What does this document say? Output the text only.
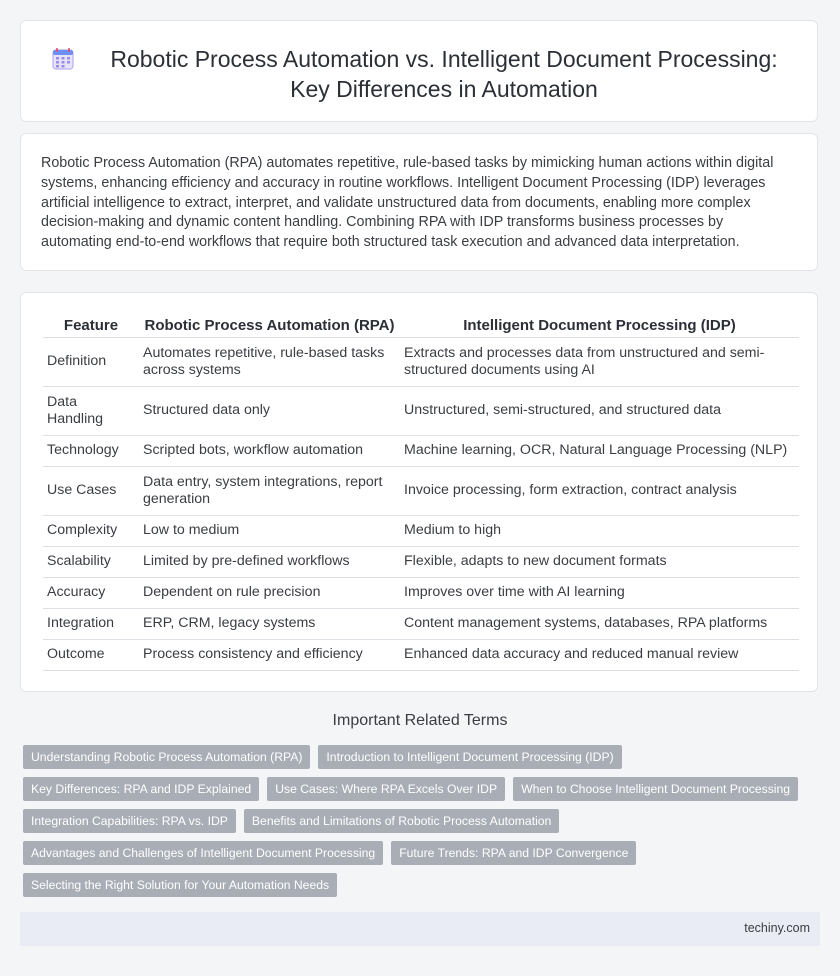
Robotic Process Automation vs. Intelligent Document Processing:
Key Differences in Automation

Robotic Process Automation (RPA) automates repetitive, rule-based tasks by mimicking human actions within digital systems, enhancing efficiency and accuracy in routine workflows. Intelligent Document Processing (IDP) leverages artificial intelligence to extract, interpret, and validate unstructured data from documents, enabling more complex decision-making and dynamic content handling. Combining RPA with IDP transforms business processes by automating end-to-end workflows that require both structured task execution and advanced data interpretation.

Feature	Robotic Process Automation (RPA)	Intelligent Document Processing (IDP)
Definition	Automates repetitive, rule-based tasks across systems	Extracts and processes data from unstructured and semi-structured documents using AI
Data Handling	Structured data only	Unstructured, semi-structured, and structured data
Technology	Scripted bots, workflow automation	Machine learning, OCR, Natural Language Processing (NLP)
Use Cases	Data entry, system integrations, report generation	Invoice processing, form extraction, contract analysis
Complexity	Low to medium	Medium to high
Scalability	Limited by pre-defined workflows	Flexible, adapts to new document formats
Accuracy	Dependent on rule precision	Improves over time with AI learning
Integration	ERP, CRM, legacy systems	Content management systems, databases, RPA platforms
Outcome	Process consistency and efficiency	Enhanced data accuracy and reduced manual review
Important Related Terms
Understanding Robotic Process Automation (RPA)	Introduction to Intelligent Document Processing (IDP)
Key Differences: RPA and IDP Explained	Use Cases: Where RPA Excels Over IDP	When to Choose Intelligent Document Processing
Integration Capabilities: RPA vs. IDP	Benefits and Limitations of Robotic Process Automation
Advantages and Challenges of Intelligent Document Processing	Future Trends: RPA and IDP Convergence
Selecting the Right Solution for Your Automation Needs
techiny.com
